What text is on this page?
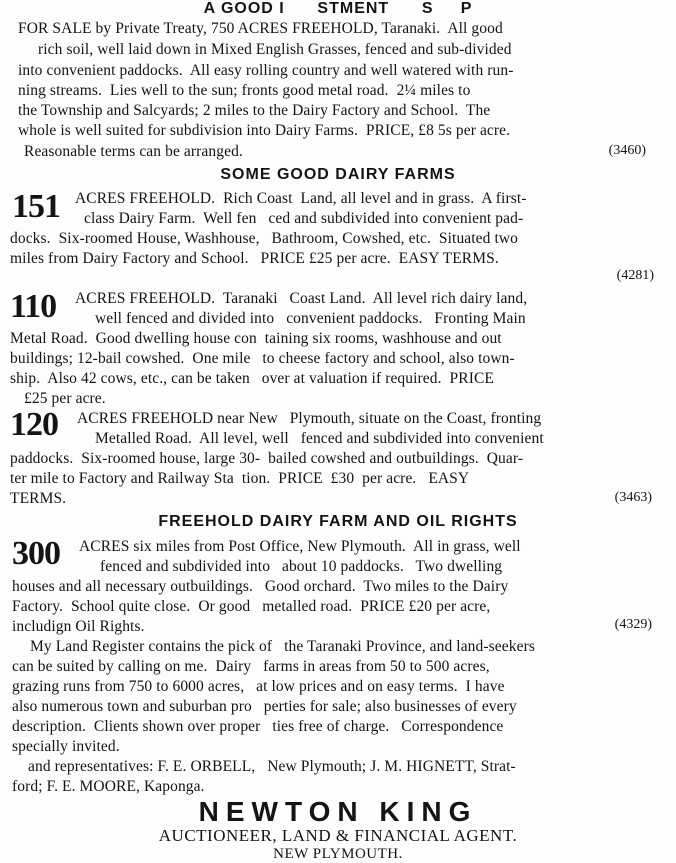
A GOOD I      STMENT      S     P
FOR SALE by Private Treaty, 750 ACRES FREEHOLD, Taranaki.  All good
rich soil, well laid down in Mixed English Grasses, fenced and sub-divided
into convenient paddocks.  All easy rolling country and well watered with run-
ning streams.  Lies well to the sun; fronts good metal road.  2¼ miles to
the Township and Salcyards; 2 miles to the Dairy Factory and School.  The
whole is well suited for subdivision into Dairy Farms.  PRICE, £8 5s per acre.
Reasonable terms can be arranged.	(3460)
SOME GOOD DAIRY FARMS
151 ACRES FREEHOLD.  Rich Coast  Land, all level and in grass.  A first-
class Dairy Farm.  Well fen   ced and subdivided into convenient pad-
docks.  Six-roomed House, Washhouse,   Bathroom, Cowshed, etc.  Situated two
miles from Dairy Factory and School.   PRICE £25 per acre.  EASY TERMS.
(4281)
110 ACRES FREEHOLD.  Taranaki   Coast Land.  All level rich dairy land,
well fenced and divided into   convenient paddocks.   Fronting Main
Metal Road.  Good dwelling house con  taining six rooms, washhouse and out
buildings; 12-bail cowshed.  One mile   to cheese factory and school, also town-
ship.  Also 42 cows, etc., can be taken   over at valuation if required.  PRICE
£25 per acre.
120 ACRES FREEHOLD near New   Plymouth, situate on the Coast, fronting
Metalled Road.  All level, well   fenced and subdivided into convenient
paddocks.  Six-roomed house, large 30-  bailed cowshed and outbuildings.  Quar-
ter mile to Factory and Railway Sta  tion.  PRICE  £30  per acre.   EASY
TERMS.	(3463)
FREEHOLD DAIRY FARM AND OIL RIGHTS
300 ACRES six miles from Post Office, New Plymouth.  All in grass, well
fenced and subdivided into   about 10 paddocks.   Two dwelling
houses and all necessary outbuildings.   Good orchard.  Two miles to the Dairy
Factory.  School quite close.  Or good   metalled road.  PRICE £20 per acre,
includign Oil Rights.	(4329)
My Land Register contains the pick of   the Taranaki Province, and land-seekers
can be suited by calling on me.  Dairy   farms in areas from 50 to 500 acres,
grazing runs from 750 to 6000 acres,   at low prices and on easy terms.  I have
also numerous town and suburban pro   perties for sale; also businesses of every
description.  Clients shown over proper   ties free of charge.   Correspondence
specially invited.
and representatives: F. E. ORBELL,   New Plymouth; J. M. HIGNETT, Strat-
ford; F. E. MOORE, Kaponga.
NEWTON KING
AUCTIONEER, LAND & FINANCIAL AGENT.
NEW PLYMOUTH.
